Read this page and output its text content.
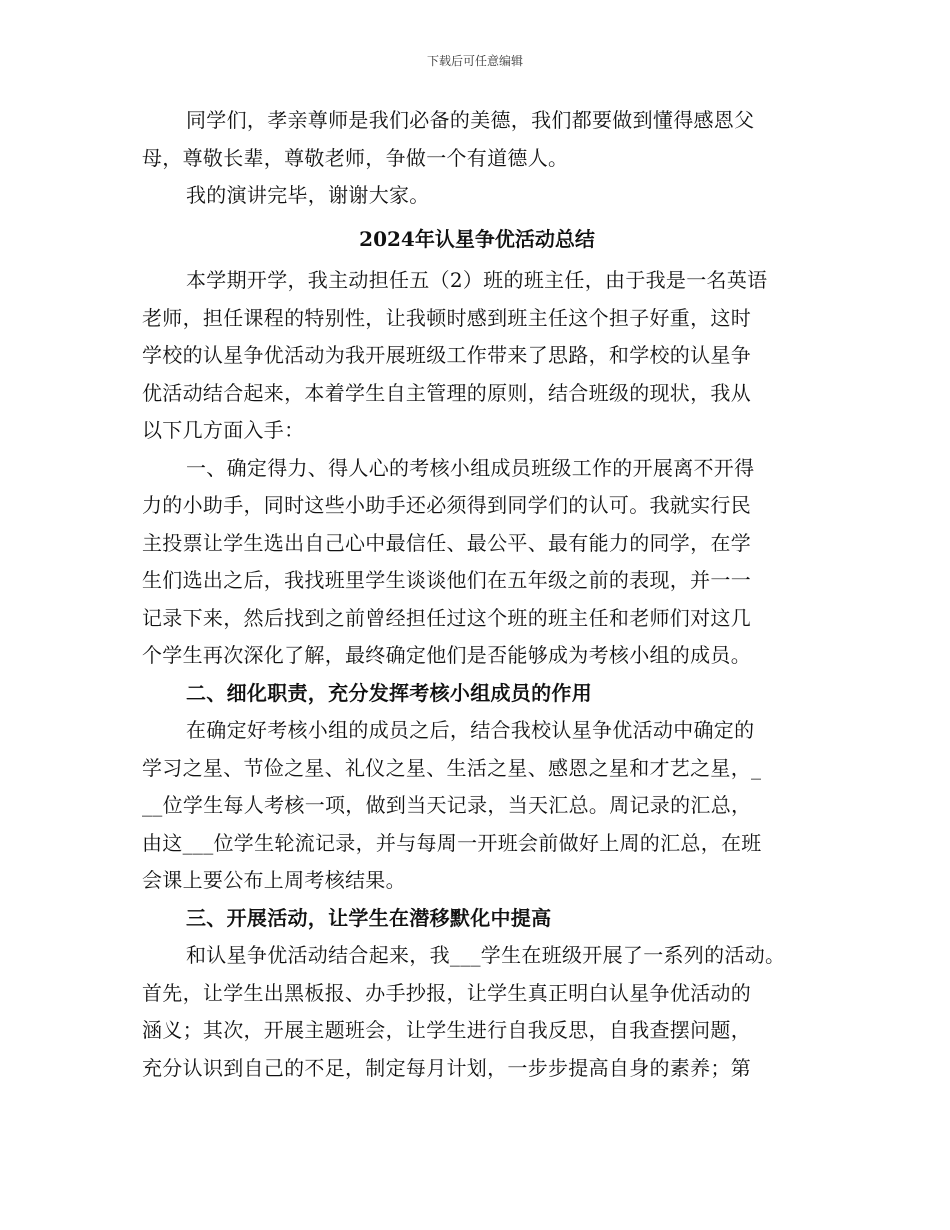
下载后可任意编辑
同学们，孝亲尊师是我们必备的美德，我们都要做到懂得感恩父
母，尊敬长辈，尊敬老师，争做一个有道德人。
我的演讲完毕，谢谢大家。
2024年认星争优活动总结
本学期开学，我主动担任五（2）班的班主任，由于我是一名英语
老师，担任课程的特别性，让我顿时感到班主任这个担子好重，这时
学校的认星争优活动为我开展班级工作带来了思路，和学校的认星争
优活动结合起来，本着学生自主管理的原则，结合班级的现状，我从
以下几方面入手：
一、确定得力、得人心的考核小组成员班级工作的开展离不开得
力的小助手，同时这些小助手还必须得到同学们的认可。我就实行民
主投票让学生选出自己心中最信任、最公平、最有能力的同学，在学
生们选出之后，我找班里学生谈谈他们在五年级之前的表现，并一一
记录下来，然后找到之前曾经担任过这个班的班主任和老师们对这几
个学生再次深化了解，最终确定他们是否能够成为考核小组的成员。
二、细化职责，充分发挥考核小组成员的作用
在确定好考核小组的成员之后，结合我校认星争优活动中确定的
学习之星、节俭之星、礼仪之星、生活之星、感恩之星和才艺之星，_
__位学生每人考核一项，做到当天记录，当天汇总。周记录的汇总，
由这___位学生轮流记录，并与每周一开班会前做好上周的汇总，在班
会课上要公布上周考核结果。
三、开展活动，让学生在潜移默化中提高
和认星争优活动结合起来，我___学生在班级开展了一系列的活动。
首先，让学生出黑板报、办手抄报，让学生真正明白认星争优活动的
涵义；其次，开展主题班会，让学生进行自我反思，自我查摆问题，
充分认识到自己的不足，制定每月计划，一步步提高自身的素养；第
